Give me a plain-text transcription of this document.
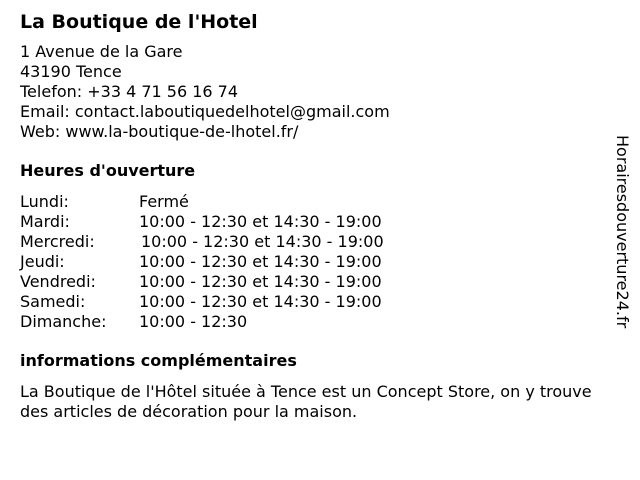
La Boutique de l'Hotel
1 Avenue de la Gare
43190 Tence
Telefon: +33 4 71 56 16 74
Email: contact.laboutiquedelhotel@gmail.com
Web: www.la-boutique-de-lhotel.fr/
Heures d'ouverture
Lundi:	Fermé
Mardi:	10:00 - 12:30 et 14:30 - 19:00
Mercredi:	10:00 - 12:30 et 14:30 - 19:00
Jeudi:	10:00 - 12:30 et 14:30 - 19:00
Vendredi:	10:00 - 12:30 et 14:30 - 19:00
Samedi:	10:00 - 12:30 et 14:30 - 19:00
Dimanche:	10:00 - 12:30
informations complémentaires
La Boutique de l'Hôtel située à Tence est un Concept Store, on y trouve des articles de décoration pour la maison.
Horairesdouverture24.fr
